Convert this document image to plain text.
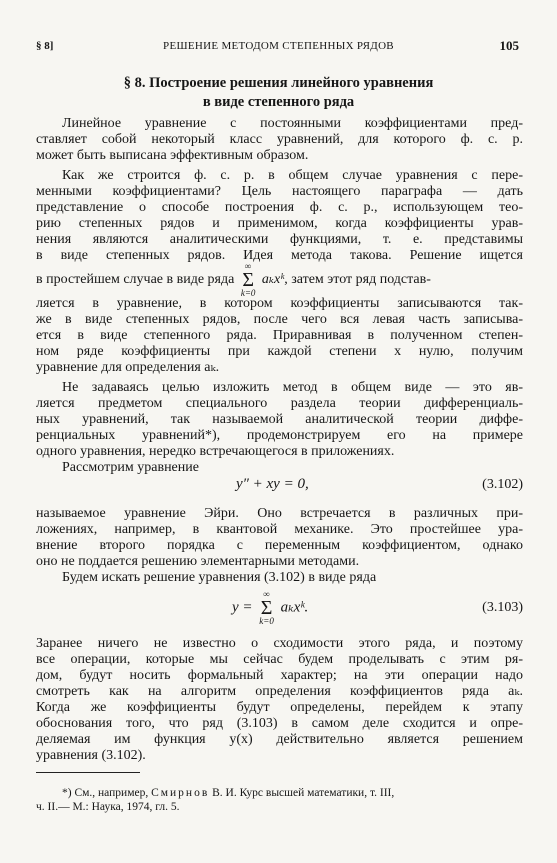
§ 8]	РЕШЕНИЕ МЕТОДОМ СТЕПЕННЫХ РЯДОВ	105
§ 8. Построение решения линейного уравнения
в виде степенного ряда
Линейное уравнение с постоянными коэффициентами пред-
ставляет собой некоторый класс уравнений, для которого ф. с. р.
может быть выписана эффективным образом.
Как же строится ф. с. р. в общем случае уравнения с пере-
менными коэффициентами? Цель настоящего параграфа — дать
представление о способе построения ф. с. р., использующем тео-
рию степенных рядов и применимом, когда коэффициенты урав-
нения являются аналитическими функциями, т. е. представимы
в виде степенных рядов. Идея метода такова. Решение ищется
в простейшем случае в виде ряда
∞
Σ
k=0
aₖxᵏ, затем этот ряд подстав-
ляется в уравнение, в котором коэффициенты записываются так-
же в виде степенных рядов, после чего вся левая часть записыва-
ется в виде степенного ряда. Приравнивая в полученном степен-
ном ряде коэффициенты при каждой степени x нулю, получим
уравнение для определения aₖ.
Не задаваясь целью изложить метод в общем виде — это яв-
ляется предметом специального раздела теории дифференциаль-
ных уравнений, так называемой аналитической теории диффе-
ренциальных уравнений*), продемонстрируем его на примере
одного уравнения, нередко встречающегося в приложениях.
Рассмотрим уравнение
y″ + xy = 0,	(3.102)
называемое уравнение Эйри. Оно встречается в различных при-
ложениях, например, в квантовой механике. Это простейшее ура-
внение второго порядка с переменным коэффициентом, однако
оно не поддается решению элементарными методами.
Будем искать решение уравнения (3.102) в виде ряда
y =
∞
Σ
k=0
aₖxᵏ.	(3.103)
Заранее ничего не известно о сходимости этого ряда, и поэтому
все операции, которые мы сейчас будем проделывать с этим ря-
дом, будут носить формальный характер; на эти операции надо
смотреть как на алгоритм определения коэффициентов ряда aₖ.
Когда же коэффициенты будут определены, перейдем к этапу
обоснования того, что ряд (3.103) в самом деле сходится и опре-
деляемая им функция y(x) действительно является решением
уравнения (3.102).
*) См., например, Смирнов В. И. Курс высшей математики, т. III,
ч. II.— М.: Наука, 1974, гл. 5.
